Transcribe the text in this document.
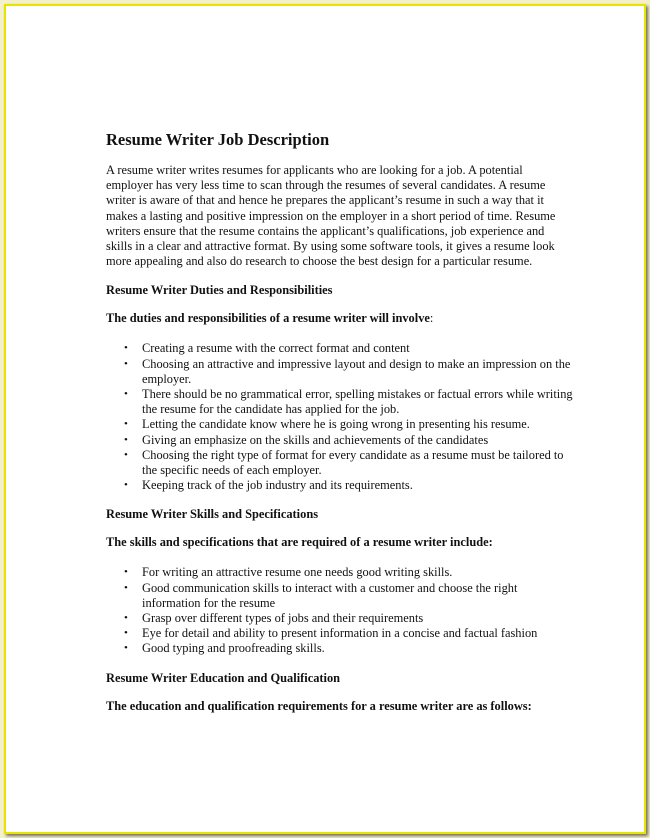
Resume Writer Job Description

A resume writer writes resumes for applicants who are looking for a job. A potential employer has very less time to scan through the resumes of several candidates. A resume writer is aware of that and hence he prepares the applicant’s resume in such a way that it makes a lasting and positive impression on the employer in a short period of time. Resume writers ensure that the resume contains the applicant’s qualifications, job experience and skills in a clear and attractive format. By using some software tools, it gives a resume look more appealing and also do research to choose the best design for a particular resume.

Resume Writer Duties and Responsibilities

The duties and responsibilities of a resume writer will involve:

• Creating a resume with the correct format and content
• Choosing an attractive and impressive layout and design to make an impression on the employer.
• There should be no grammatical error, spelling mistakes or factual errors while writing the resume for the candidate has applied for the job.
• Letting the candidate know where he is going wrong in presenting his resume.
• Giving an emphasize on the skills and achievements of the candidates
• Choosing the right type of format for every candidate as a resume must be tailored to the specific needs of each employer.
• Keeping track of the job industry and its requirements.

Resume Writer Skills and Specifications

The skills and specifications that are required of a resume writer include:

• For writing an attractive resume one needs good writing skills.
• Good communication skills to interact with a customer and choose the right information for the resume
• Grasp over different types of jobs and their requirements
• Eye for detail and ability to present information in a concise and factual fashion
• Good typing and proofreading skills.

Resume Writer Education and Qualification

The education and qualification requirements for a resume writer are as follows:
